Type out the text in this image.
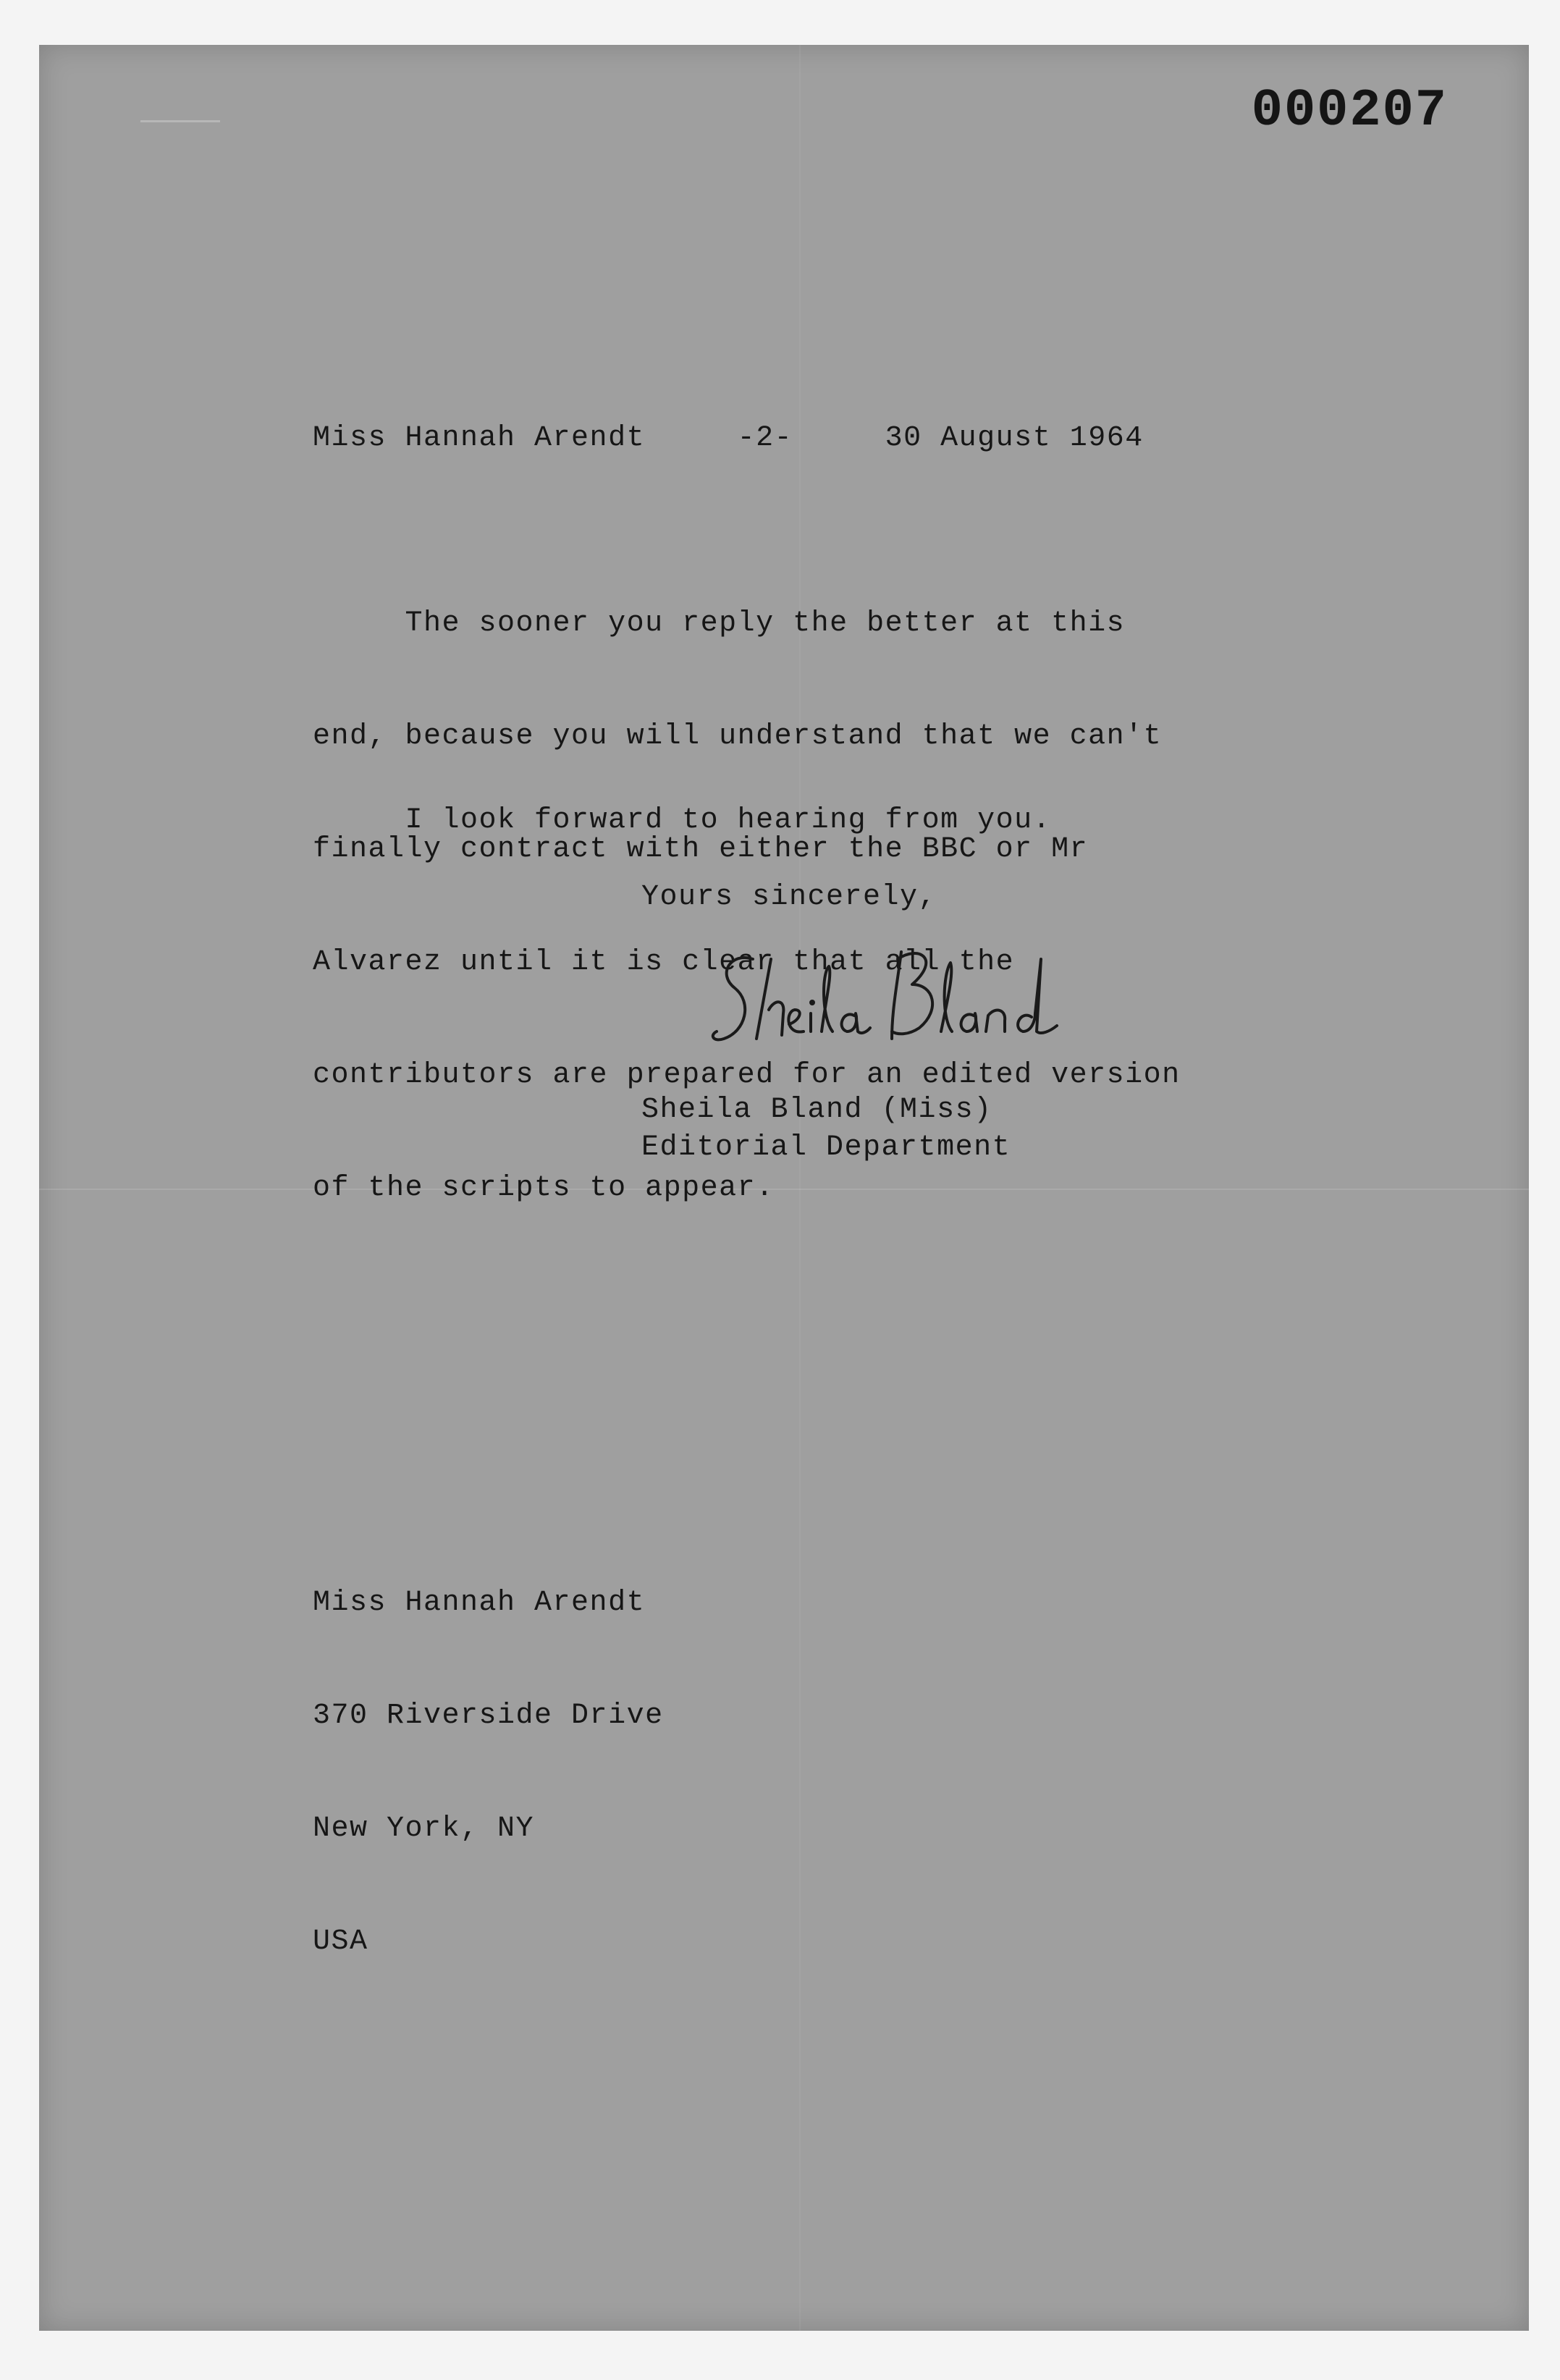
000207
Miss Hannah Arendt	-2-	30 August 1964

The sooner you reply the better at this

end, because you will understand that we can't

finally contract with either the BBC or Mr

Alvarez until it is clear that all the

contributors are prepared for an edited version

of the scripts to appear.

I look forward to hearing from you.
Yours sincerely,
Sheila Bland (Miss)
Editorial Department

Miss Hannah Arendt

370 Riverside Drive

New York, NY

USA
